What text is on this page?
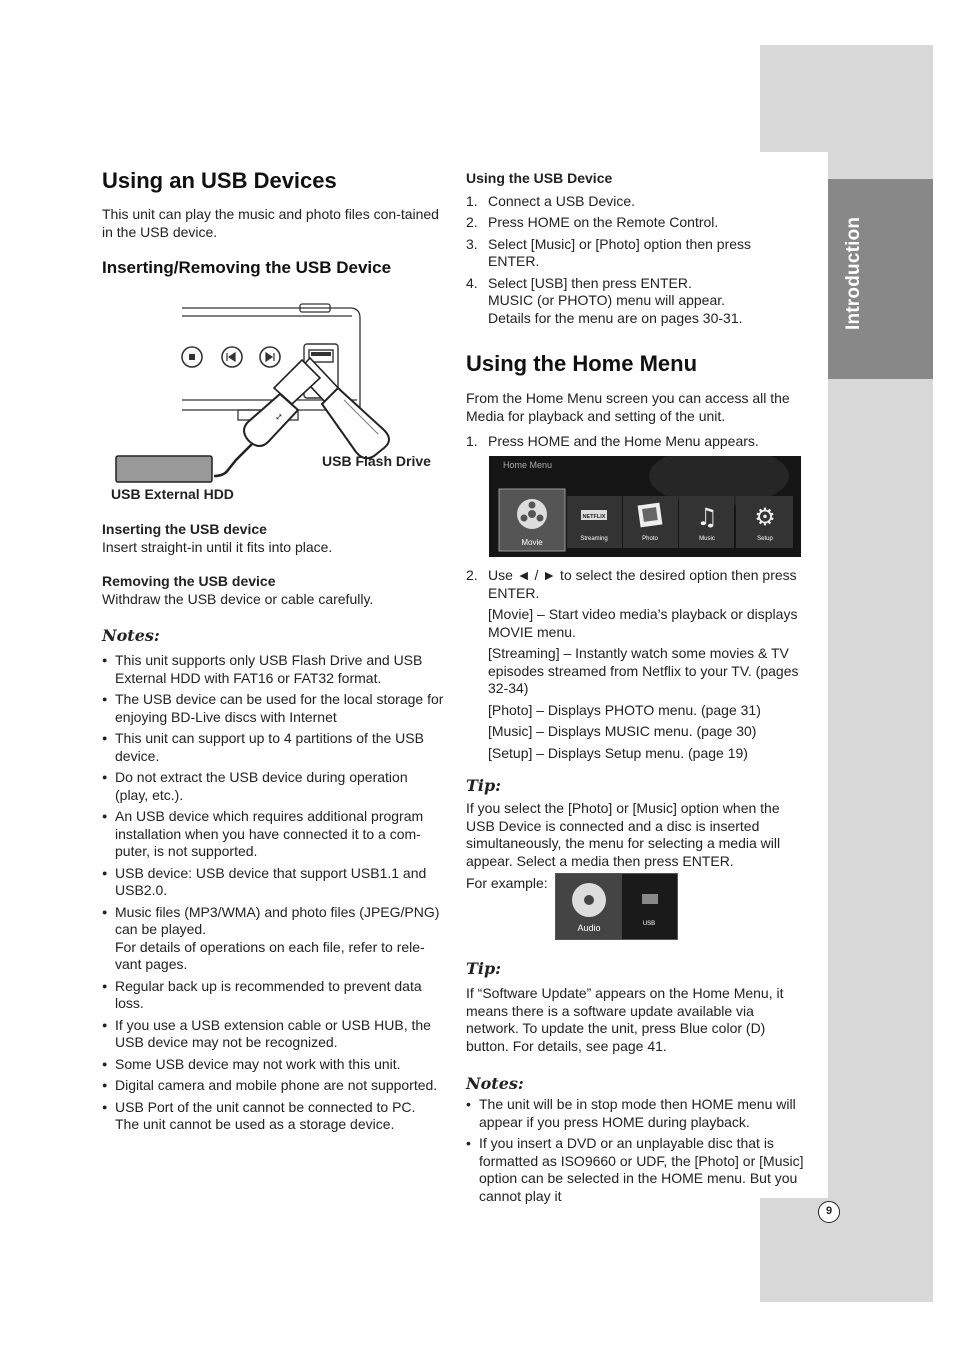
Introduction
9
Using an USB Devices

This unit can play the music and photo files con-tained in the USB device.

Inserting/Removing the USB Device
⭤
USB Flash Drive
USB External HDD
Inserting the USB device
Insert straight-in until it fits into place.
Removing the USB device
Withdraw the USB device or cable carefully.
Notes:
● This unit supports only USB Flash Drive and USB External HDD with FAT16 or FAT32 format.
● The USB device can be used for the local storage for enjoying BD-Live discs with Internet
● This unit can support up to 4 partitions of the USB device.
● Do not extract the USB device during operation (play, etc.).
● An USB device which requires additional program installation when you have connected it to a com-puter, is not supported.
● USB device: USB device that support USB1.1 and USB2.0.
● Music files (MP3/WMA) and photo files (JPEG/PNG) can be played.
For details of operations on each file, refer to rele-vant pages.
● Regular back up is recommended to prevent data loss.
● If you use a USB extension cable or USB HUB, the USB device may not be recognized.
● Some USB device may not work with this unit.
● Digital camera and mobile phone are not supported.
● USB Port of the unit cannot be connected to PC.
The unit cannot be used as a storage device.
Using the USB Device
1. Connect a USB Device.
2. Press HOME on the Remote Control.
3. Select [Music] or [Photo] option then press ENTER.
4. Select [USB] then press ENTER.
MUSIC (or PHOTO) menu will appear.
Details for the menu are on pages 30-31.
Using the Home Menu

From the Home Menu screen you can access all the Media for playback and setting of the unit.

1. Press HOME and the Home Menu appears.
Home Menu
Movie
NETFLIX
Streaming	Photo
♫
Music
⚙
Setup
2. Use ◄ / ► to select the desired option then press ENTER.
[Movie] – Start video media’s playback or displays MOVIE menu.
[Streaming] – Instantly watch some movies & TV episodes streamed from Netflix to your TV. (pages 32-34)
[Photo] – Displays PHOTO menu. (page 31)
[Music] – Displays MUSIC menu. (page 30)
[Setup] – Displays Setup menu. (page 19)
Tip:

If you select the [Photo] or [Music] option when the USB Device is connected and a disc is inserted simultaneously, the menu for selecting a media will appear. Select a media then press ENTER.

For example:

Audio	USB
Tip:

If “Software Update” appears on the Home Menu, it means there is a software update available via network. To update the unit, press Blue color (D) button. For details, see page 41.

Notes:
• The unit will be in stop mode then HOME menu will appear if you press HOME during playback.
• If you insert a DVD or an unplayable disc that is formatted as ISO9660 or UDF, the [Photo] or [Music] option can be selected in the HOME menu. But you cannot play it
